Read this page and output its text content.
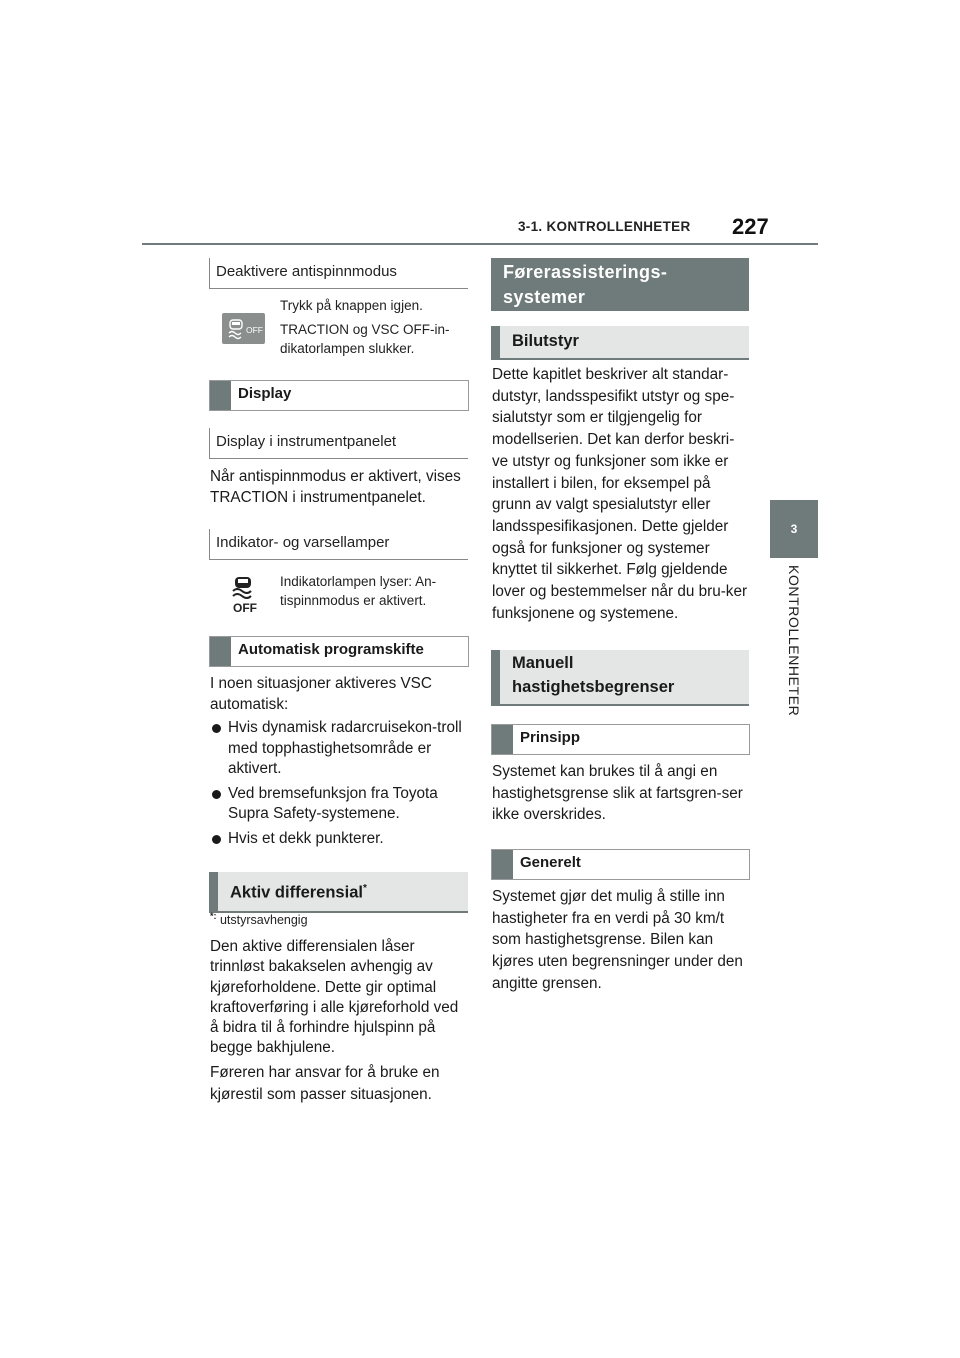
3-1. KONTROLLENHETER 227
3
KONTROLLENHETER
Deaktivere antispinnmodus
OFF
Trykk på knappen igjen.
TRACTION og VSC OFF-in-dikatorlampen slukker.
Display
Display i instrumentpanelet
Når antispinnmodus er aktivert, vises TRACTION i instrumentpanelet.
Indikator- og varsellamper
OFF
Indikatorlampen lyser: An-tispinnmodus er aktivert.
Automatisk programskifte
I noen situasjoner aktiveres VSC automatisk:
Hvis dynamisk radarcruisekon-troll med topphastighetsområde er aktivert.
Ved bremsefunksjon fra Toyota Supra Safety-systemene.
Hvis et dekk punkterer.
Aktiv differensial*
*: utstyrsavhengig
Den aktive differensialen låser trinnløst bakakselen avhengig av kjøreforholdene. Dette gir optimal kraftoverføring i alle kjøreforhold ved å bidra til å forhindre hjulspinn på begge bakhjulene.
Føreren har ansvar for å bruke en kjørestil som passer situasjonen.
Førerassisterings-systemer
Bilutstyr
Dette kapitlet beskriver alt standar-dutstyr, landsspesifikt utstyr og spe-sialutstyr som er tilgjengelig for modellserien. Det kan derfor beskri-ve utstyr og funksjoner som ikke er installert i bilen, for eksempel på grunn av valgt spesialutstyr eller landsspesifikasjonen. Dette gjelder også for funksjoner og systemer knyttet til sikkerhet. Følg gjeldende lover og bestemmelser når du bru-ker funksjonene og systemene.
Manuell hastighetsbegrenser
Prinsipp
Systemet kan brukes til å angi en hastighetsgrense slik at fartsgren-ser ikke overskrides.
Generelt
Systemet gjør det mulig å stille inn hastigheter fra en verdi på 30 km/t som hastighetsgrense. Bilen kan kjøres uten begrensninger under den angitte grensen.
